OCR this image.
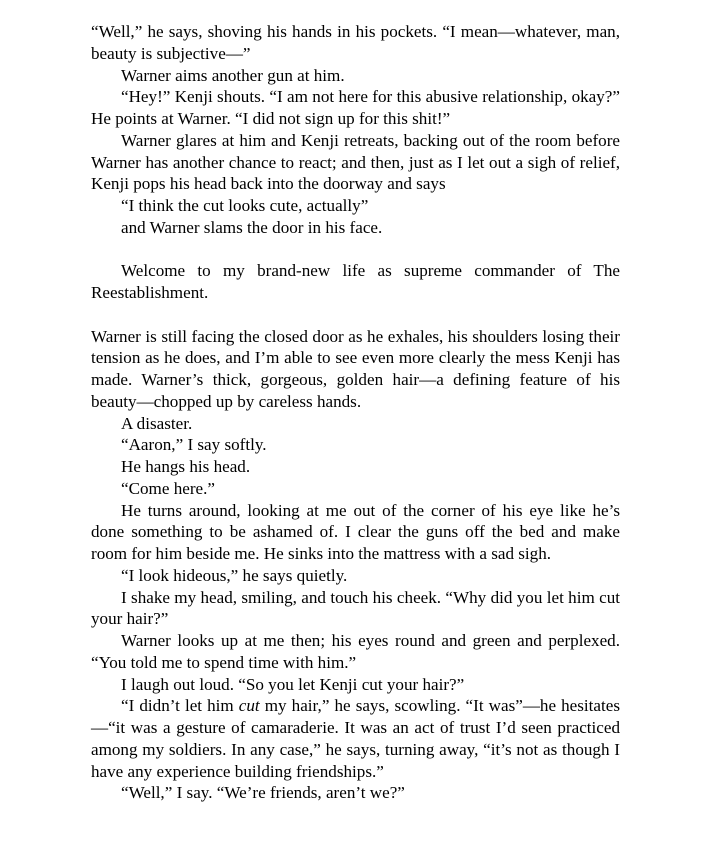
“Well,” he says, shoving his hands in his pockets. “I mean—whatever, man, beauty is subjective—”

Warner aims another gun at him.

“Hey!” Kenji shouts. “I am not here for this abusive relationship, okay?” He points at Warner. “I did not sign up for this shit!”

Warner glares at him and Kenji retreats, backing out of the room before Warner has another chance to react; and then, just as I let out a sigh of relief, Kenji pops his head back into the doorway and says

“I think the cut looks cute, actually”

and Warner slams the door in his face.

Welcome to my brand-new life as supreme commander of The Reestablishment.

Warner is still facing the closed door as he exhales, his shoulders losing their tension as he does, and I’m able to see even more clearly the mess Kenji has made. Warner’s thick, gorgeous, golden hair—a defining feature of his beauty—chopped up by careless hands.

A disaster.

“Aaron,” I say softly.

He hangs his head.

“Come here.”

He turns around, looking at me out of the corner of his eye like he’s done something to be ashamed of. I clear the guns off the bed and make room for him beside me. He sinks into the mattress with a sad sigh.

“I look hideous,” he says quietly.

I shake my head, smiling, and touch his cheek. “Why did you let him cut your hair?”

Warner looks up at me then; his eyes round and green and perplexed. “You told me to spend time with him.”

I laugh out loud. “So you let Kenji cut your hair?”

“I didn’t let him cut my hair,” he says, scowling. “It was”—he hesitates—“it was a gesture of camaraderie. It was an act of trust I’d seen practiced among my soldiers. In any case,” he says, turning away, “it’s not as though I have any experience building friendships.”

“Well,” I say. “We’re friends, aren’t we?”
